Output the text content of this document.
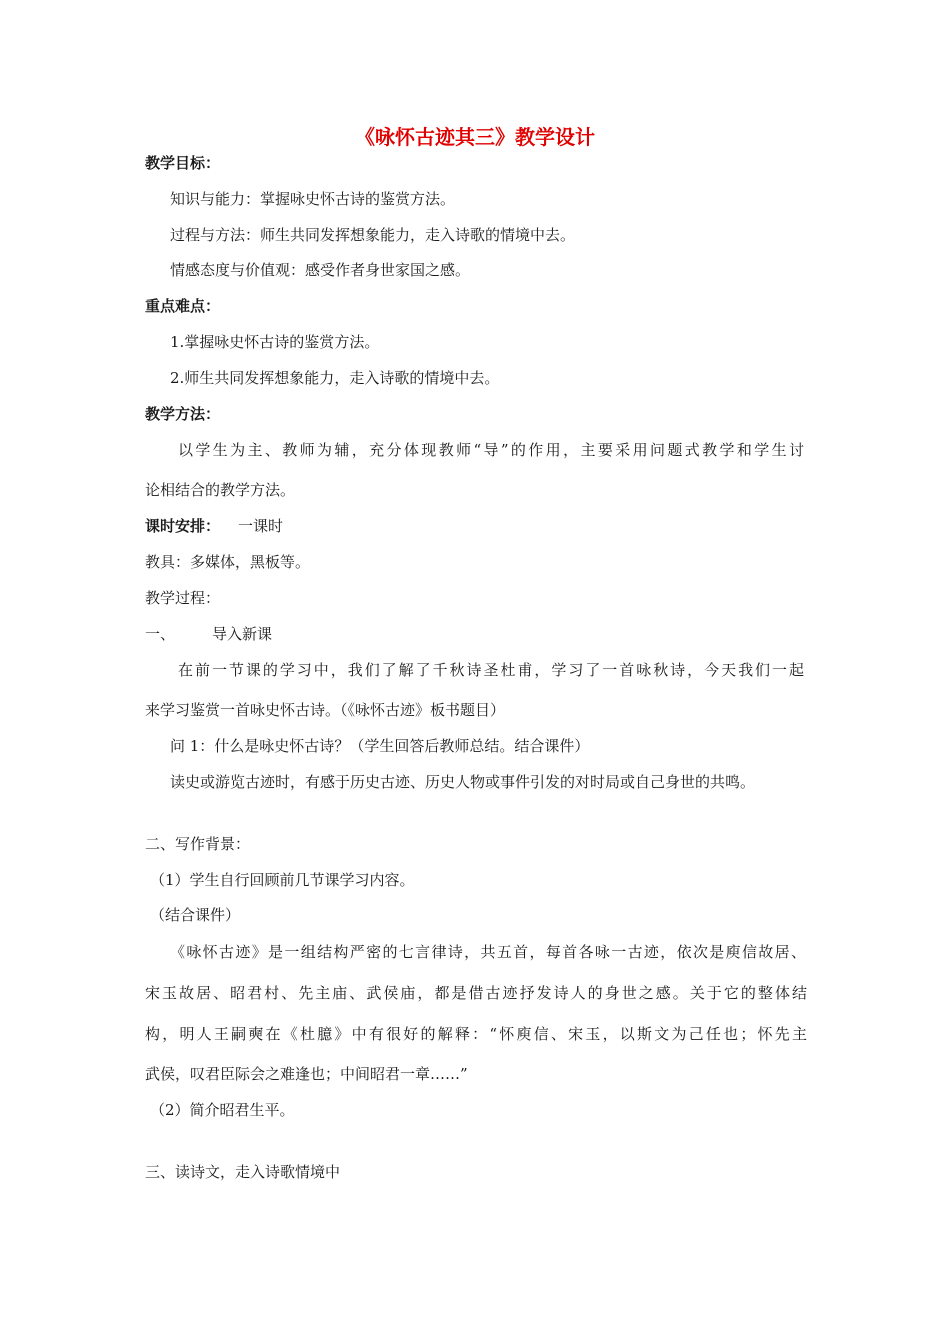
《咏怀古迹其三》教学设计
教学目标：
知识与能力：掌握咏史怀古诗的鉴赏方法。
过程与方法：师生共同发挥想象能力，走入诗歌的情境中去。
情感态度与价值观：感受作者身世家国之感。
重点难点：
1.掌握咏史怀古诗的鉴赏方法。
2.师生共同发挥想象能力，走入诗歌的情境中去。
教学方法：
以学生为主、教师为辅，充分体现教师“导”的作用，主要采用问题式教学和学生讨
论相结合的教学方法。
课时安排： 一课时
教具：多媒体，黑板等。
教学过程：
一、 导入新课
在前一节课的学习中，我们了解了千秋诗圣杜甫，学习了一首咏秋诗，今天我们一起
来学习鉴赏一首咏史怀古诗。（《咏怀古迹》板书题目）
问 1：什么是咏史怀古诗？（学生回答后教师总结。结合课件）
读史或游览古迹时，有感于历史古迹、历史人物或事件引发的对时局或自己身世的共鸣。
二、写作背景：
（1）学生自行回顾前几节课学习内容。
（结合课件）
《咏怀古迹》是一组结构严密的七言律诗，共五首，每首各咏一古迹，依次是庾信故居、
宋玉故居、昭君村、先主庙、武侯庙，都是借古迹抒发诗人的身世之感。关于它的整体结
构，明人王嗣奭在《杜臆》中有很好的解释：“怀庾信、宋玉，以斯文为己任也；怀先主
武侯，叹君臣际会之难逢也；中间昭君一章……”
（2）简介昭君生平。
三、读诗文，走入诗歌情境中
